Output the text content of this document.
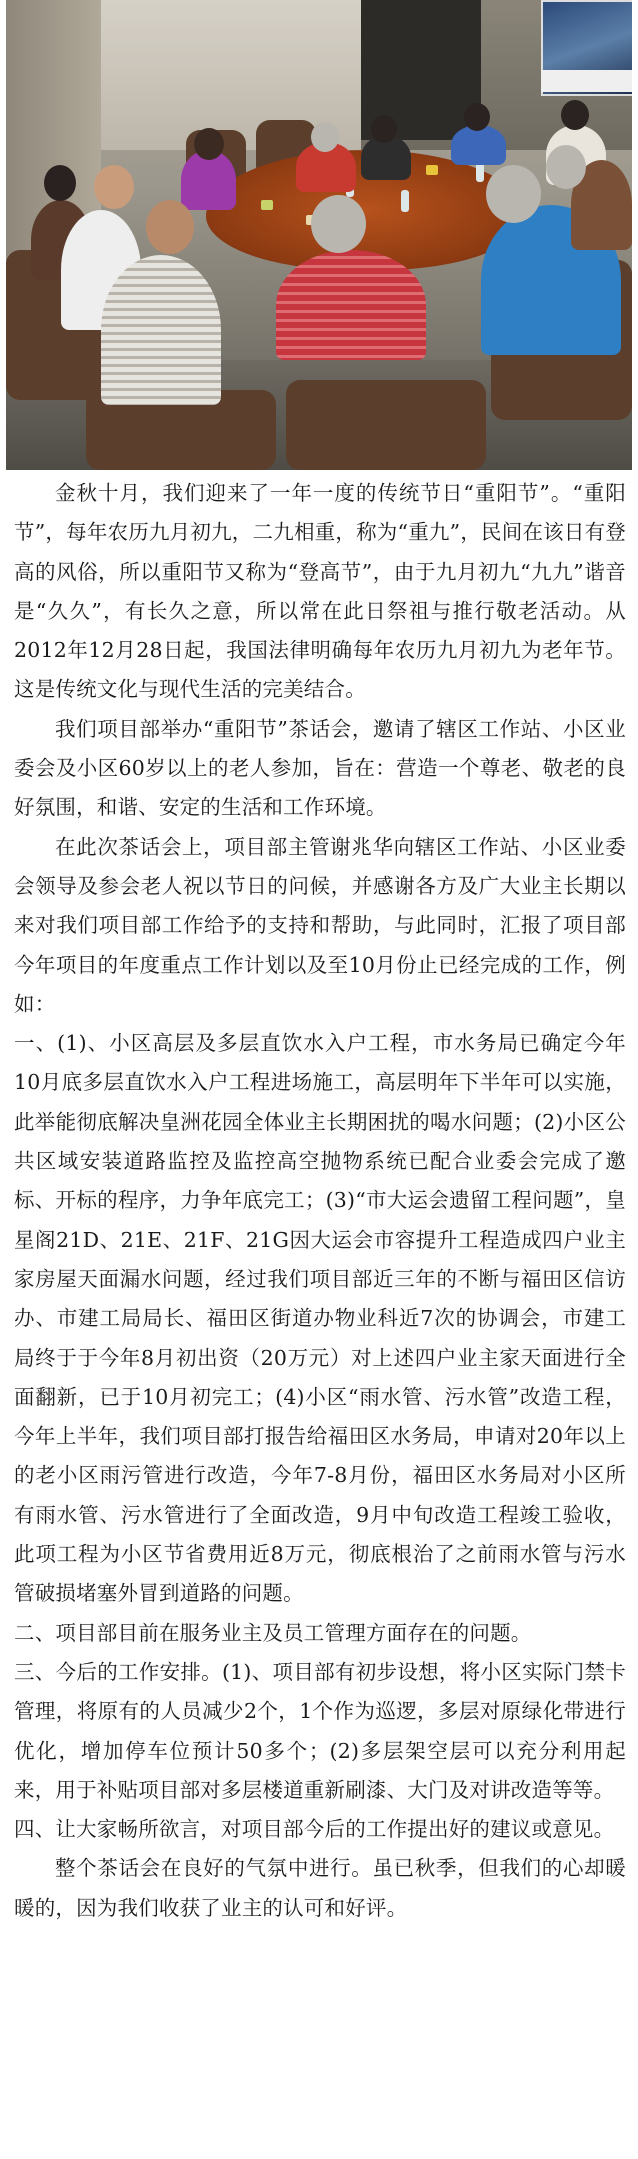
金秋十月，我们迎来了一年一度的传统节日“重阳节”。“重阳节”，每年农历九月初九，二九相重，称为“重九”，民间在该日有登高的风俗，所以重阳节又称为“登高节”，由于九月初九“九九”谐音是“久久”，有长久之意，所以常在此日祭祖与推行敬老活动。从2012年12月28日起，我国法律明确每年农历九月初九为老年节。这是传统文化与现代生活的完美结合。

我们项目部举办“重阳节”茶话会，邀请了辖区工作站、小区业委会及小区60岁以上的老人参加，旨在：营造一个尊老、敬老的良好氛围，和谐、安定的生活和工作环境。

在此次茶话会上，项目部主管谢兆华向辖区工作站、小区业委会领导及参会老人祝以节日的问候，并感谢各方及广大业主长期以来对我们项目部工作给予的支持和帮助，与此同时，汇报了项目部今年项目的年度重点工作计划以及至10月份止已经完成的工作，例如：

一、(1)、小区高层及多层直饮水入户工程，市水务局已确定今年10月底多层直饮水入户工程进场施工，高层明年下半年可以实施，此举能彻底解决皇洲花园全体业主长期困扰的喝水问题；(2)小区公共区域安装道路监控及监控高空抛物系统已配合业委会完成了邀标、开标的程序，力争年底完工；(3)“市大运会遗留工程问题”，皇星阁21D、21E、21F、21G因大运会市容提升工程造成四户业主家房屋天面漏水问题，经过我们项目部近三年的不断与福田区信访办、市建工局局长、福田区街道办物业科近7次的协调会，市建工局终于于今年8月初出资（20万元）对上述四户业主家天面进行全面翻新，已于10月初完工；(4)小区“雨水管、污水管”改造工程，今年上半年，我们项目部打报告给福田区水务局，申请对20年以上的老小区雨污管进行改造，今年7-8月份，福田区水务局对小区所有雨水管、污水管进行了全面改造，9月中旬改造工程竣工验收，此项工程为小区节省费用近8万元，彻底根治了之前雨水管与污水管破损堵塞外冒到道路的问题。

二、项目部目前在服务业主及员工管理方面存在的问题。

三、今后的工作安排。(1)、项目部有初步设想，将小区实际门禁卡管理，将原有的人员减少2个，1个作为巡逻，多层对原绿化带进行优化，增加停车位预计50多个；(2)多层架空层可以充分利用起来，用于补贴项目部对多层楼道重新刷漆、大门及对讲改造等等。

四、让大家畅所欲言，对项目部今后的工作提出好的建议或意见。

整个茶话会在良好的气氛中进行。虽已秋季，但我们的心却暖暖的，因为我们收获了业主的认可和好评。
